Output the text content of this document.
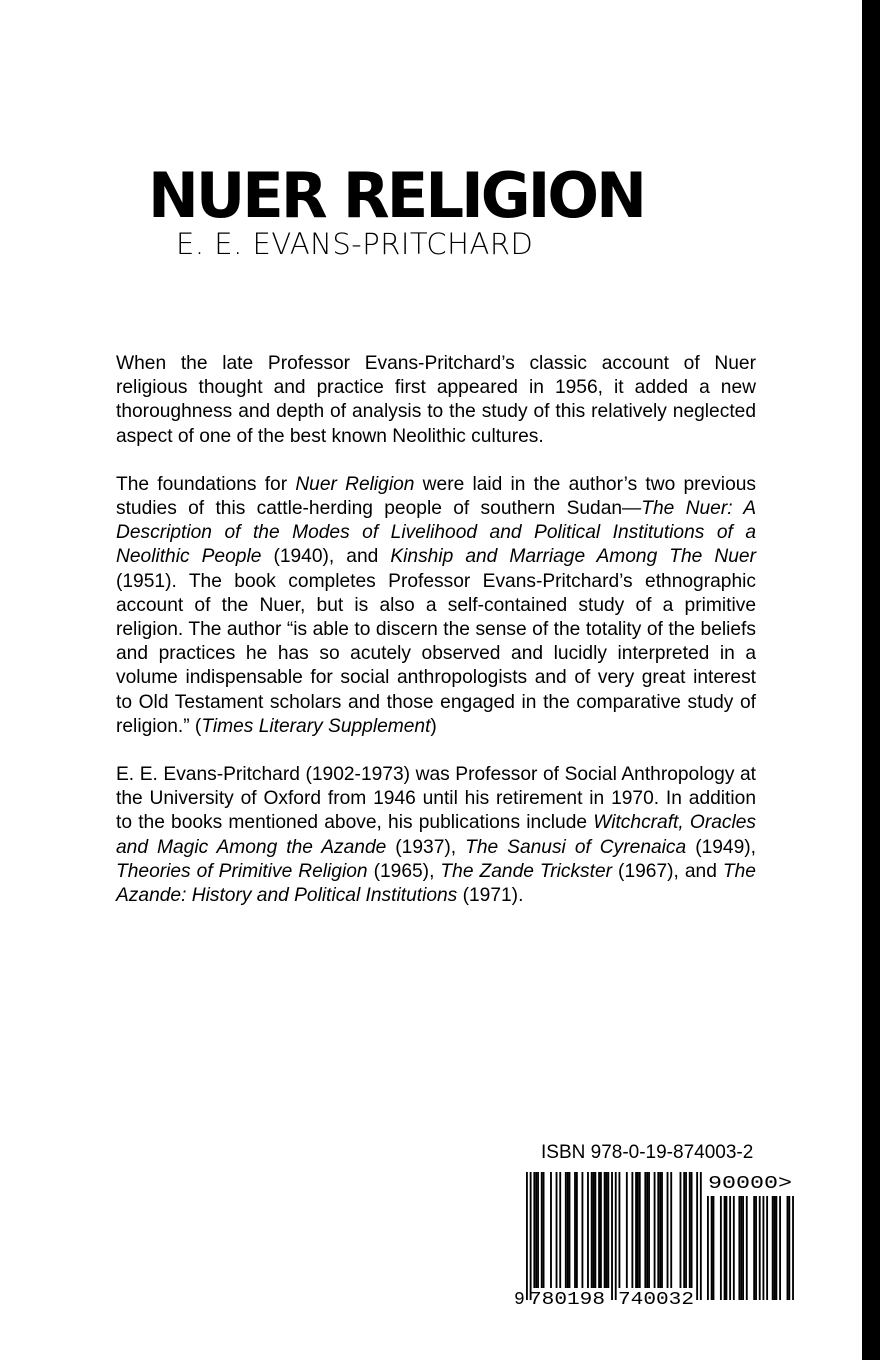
NUER RELIGION
E. E. EVANS-PRITCHARD

When the late Professor Evans-Pritchard’s classic account of Nuer religious thought and practice first appeared in 1956, it added a new thoroughness and depth of analysis to the study of this relatively neglected aspect of one of the best known Neolithic cultures.

The foundations for Nuer Religion were laid in the author’s two previous studies of this cattle-herding people of southern Sudan—The Nuer: A Description of the Modes of Livelihood and Political Institutions of a Neolithic People (1940), and Kinship and Marriage Among The Nuer (1951). The book completes Professor Evans-Pritchard’s ethnographic account of the Nuer, but is also a self-contained study of a primitive religion. The author “is able to discern the sense of the totality of the beliefs and practices he has so acutely observed and lucidly interpreted in a volume indispensable for social anthropologists and of very great interest to Old Testament scholars and those engaged in the comparative study of religion.” (Times Literary Supplement)

E. E. Evans-Pritchard (1902-1973) was Professor of Social Anthropology at the University of Oxford from 1946 until his retirement in 1970. In addition to the books mentioned above, his publications include Witchcraft, Oracles and Magic Among the Azande (1937), The Sanusi of Cyrenaica (1949), Theories of Primitive Religion (1965), The Zande Trickster (1967), and The Azande: History and Political Institutions (1971).

ISBN 978-0-19-874003-2
9 780198 740032
90000>
